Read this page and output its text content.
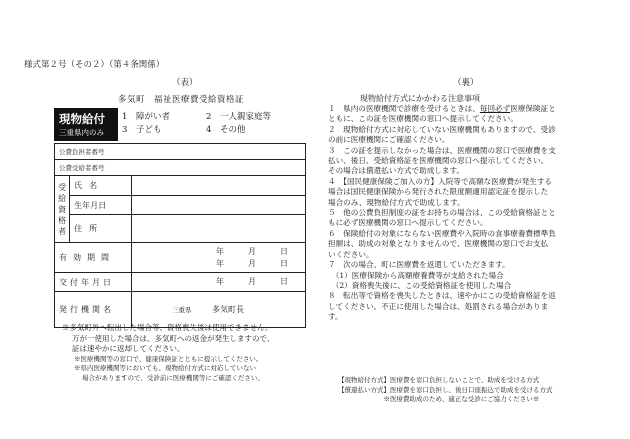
様式第２号（その２）（第４条関係）
（表）
多気町　福祉医療費受給資格証
現物給付
三重県内のみ
1　 障がい者	2　 一人親家庭等
3　 子ども	4　 その他
公費負担者番号		
公費受給者番号		
受
給
資
格
者	氏名	
	生年月日	
	住所	
有効期間		年　　　 月　　　 日
年　　　 月　　　 日

交付年月日		年　　　 月　　　 日

発行機関名		三重県 多気町長
※多気町外へ転出した場合等、資格喪失後は使用できません。
万が一使用した場合は、多気町への返金が発生しますので、
証は速やかに返却してください。
※医療機関等の窓口で、健康保険証とともに提示してください。
※県内医療機関等においても、現物給付方式に対応していない
場合がありますので、受診前に医療機関等にご確認ください。
（裏）
現物給付方式にかかわる注意事項
１　県内の医療機関で診療を受けるときは、毎回必ず医療保険証と
ともに、この証を医療機関の窓口へ提示してください。
２　現物給付方式に対応していない医療機関もありますので、受診
の前に医療機関にご確認ください。
３　この証を提示しなかった場合は、医療機関の窓口で医療費を支
払い、後日、受給資格証を医療機関の窓口へ提示してください。
その場合は償還払い方式で助成します。
４　【国民健康保険ご加入の方】入院等で高額な医療費が発生する
場合は国民健康保険から発行された限度額適用認定証を提示した
場合のみ、現物給付方式で助成します。
５　他の公費負担制度の証をお持ちの場合は、この受給資格証とと
もに必ず医療機関の窓口へ提示してください。
６　保険給付の対象にならない医療費や入院時の食事療養費標準負
担額は、助成の対象となりませんので、医療機関の窓口でお支払
いください。
７　次の場合、町に医療費を返還していただきます。
　（1）医療保険から高額療養費等が支給された場合
　（2）資格喪失後に、この受給資格証を使用した場合
８　転出等で資格を喪失したときは、速やかにこの受給資格証を返
してください。不正に使用した場合は、処罰される場合がありま
す。
【現物給付方式】医療費を窓口負担しないことで、助成を受ける方式
【償還払い方式】医療費を窓口負担し、後日口座振込で助成を受ける方式
　　　　　　　※医療費助成のため、適正な受診にご協力ください※
